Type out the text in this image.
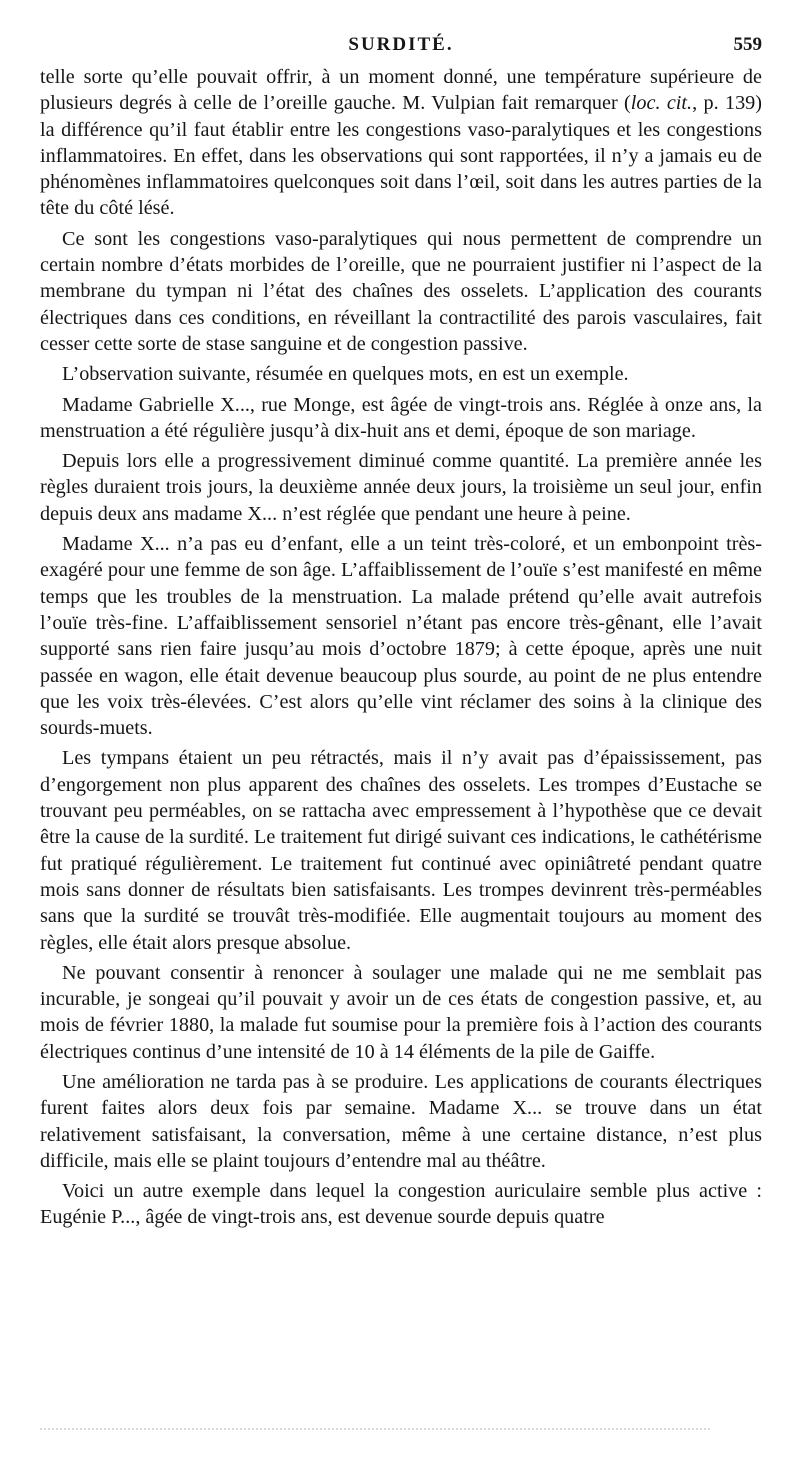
SURDITÉ.	559

telle sorte qu’elle pouvait offrir, à un moment donné, une température supérieure de plusieurs degrés à celle de l’oreille gauche. M. Vulpian fait remarquer (loc. cit., p. 139) la différence qu’il faut établir entre les congestions vaso-paralytiques et les congestions inflammatoires. En effet, dans les observations qui sont rapportées, il n’y a jamais eu de phénomènes inflammatoires quelconques soit dans l’œil, soit dans les autres parties de la tête du côté lésé.

Ce sont les congestions vaso-paralytiques qui nous permettent de comprendre un certain nombre d’états morbides de l’oreille, que ne pourraient justifier ni l’aspect de la membrane du tympan ni l’état des chaînes des osselets. L’application des courants électriques dans ces conditions, en réveillant la contractilité des parois vasculaires, fait cesser cette sorte de stase sanguine et de congestion passive.

L’observation suivante, résumée en quelques mots, en est un exemple.

Madame Gabrielle X..., rue Monge, est âgée de vingt-trois ans. Réglée à onze ans, la menstruation a été régulière jusqu’à dix-huit ans et demi, époque de son mariage.

Depuis lors elle a progressivement diminué comme quantité. La première année les règles duraient trois jours, la deuxième année deux jours, la troisième un seul jour, enfin depuis deux ans madame X... n’est réglée que pendant une heure à peine.

Madame X... n’a pas eu d’enfant, elle a un teint très-coloré, et un embonpoint très-exagéré pour une femme de son âge. L’affaiblissement de l’ouïe s’est manifesté en même temps que les troubles de la menstruation. La malade prétend qu’elle avait autrefois l’ouïe très-fine. L’affaiblissement sensoriel n’étant pas encore très-gênant, elle l’avait supporté sans rien faire jusqu’au mois d’octobre 1879; à cette époque, après une nuit passée en wagon, elle était devenue beaucoup plus sourde, au point de ne plus entendre que les voix très-élevées. C’est alors qu’elle vint réclamer des soins à la clinique des sourds-muets.

Les tympans étaient un peu rétractés, mais il n’y avait pas d’épaississement, pas d’engorgement non plus apparent des chaînes des osselets. Les trompes d’Eustache se trouvant peu perméables, on se rattacha avec empressement à l’hypothèse que ce devait être la cause de la surdité. Le traitement fut dirigé suivant ces indications, le cathétérisme fut pratiqué régulièrement. Le traitement fut continué avec opiniâtreté pendant quatre mois sans donner de résultats bien satisfaisants. Les trompes devinrent très-perméables sans que la surdité se trouvât très-modifiée. Elle augmentait toujours au moment des règles, elle était alors presque absolue.

Ne pouvant consentir à renoncer à soulager une malade qui ne me semblait pas incurable, je songeai qu’il pouvait y avoir un de ces états de congestion passive, et, au mois de février 1880, la malade fut soumise pour la première fois à l’action des courants électriques continus d’une intensité de 10 à 14 éléments de la pile de Gaiffe.

Une amélioration ne tarda pas à se produire. Les applications de courants électriques furent faites alors deux fois par semaine. Madame X... se trouve dans un état relativement satisfaisant, la conversation, même à une certaine distance, n’est plus difficile, mais elle se plaint toujours d’entendre mal au théâtre.

Voici un autre exemple dans lequel la congestion auriculaire semble plus active : Eugénie P..., âgée de vingt-trois ans, est devenue sourde depuis quatre
